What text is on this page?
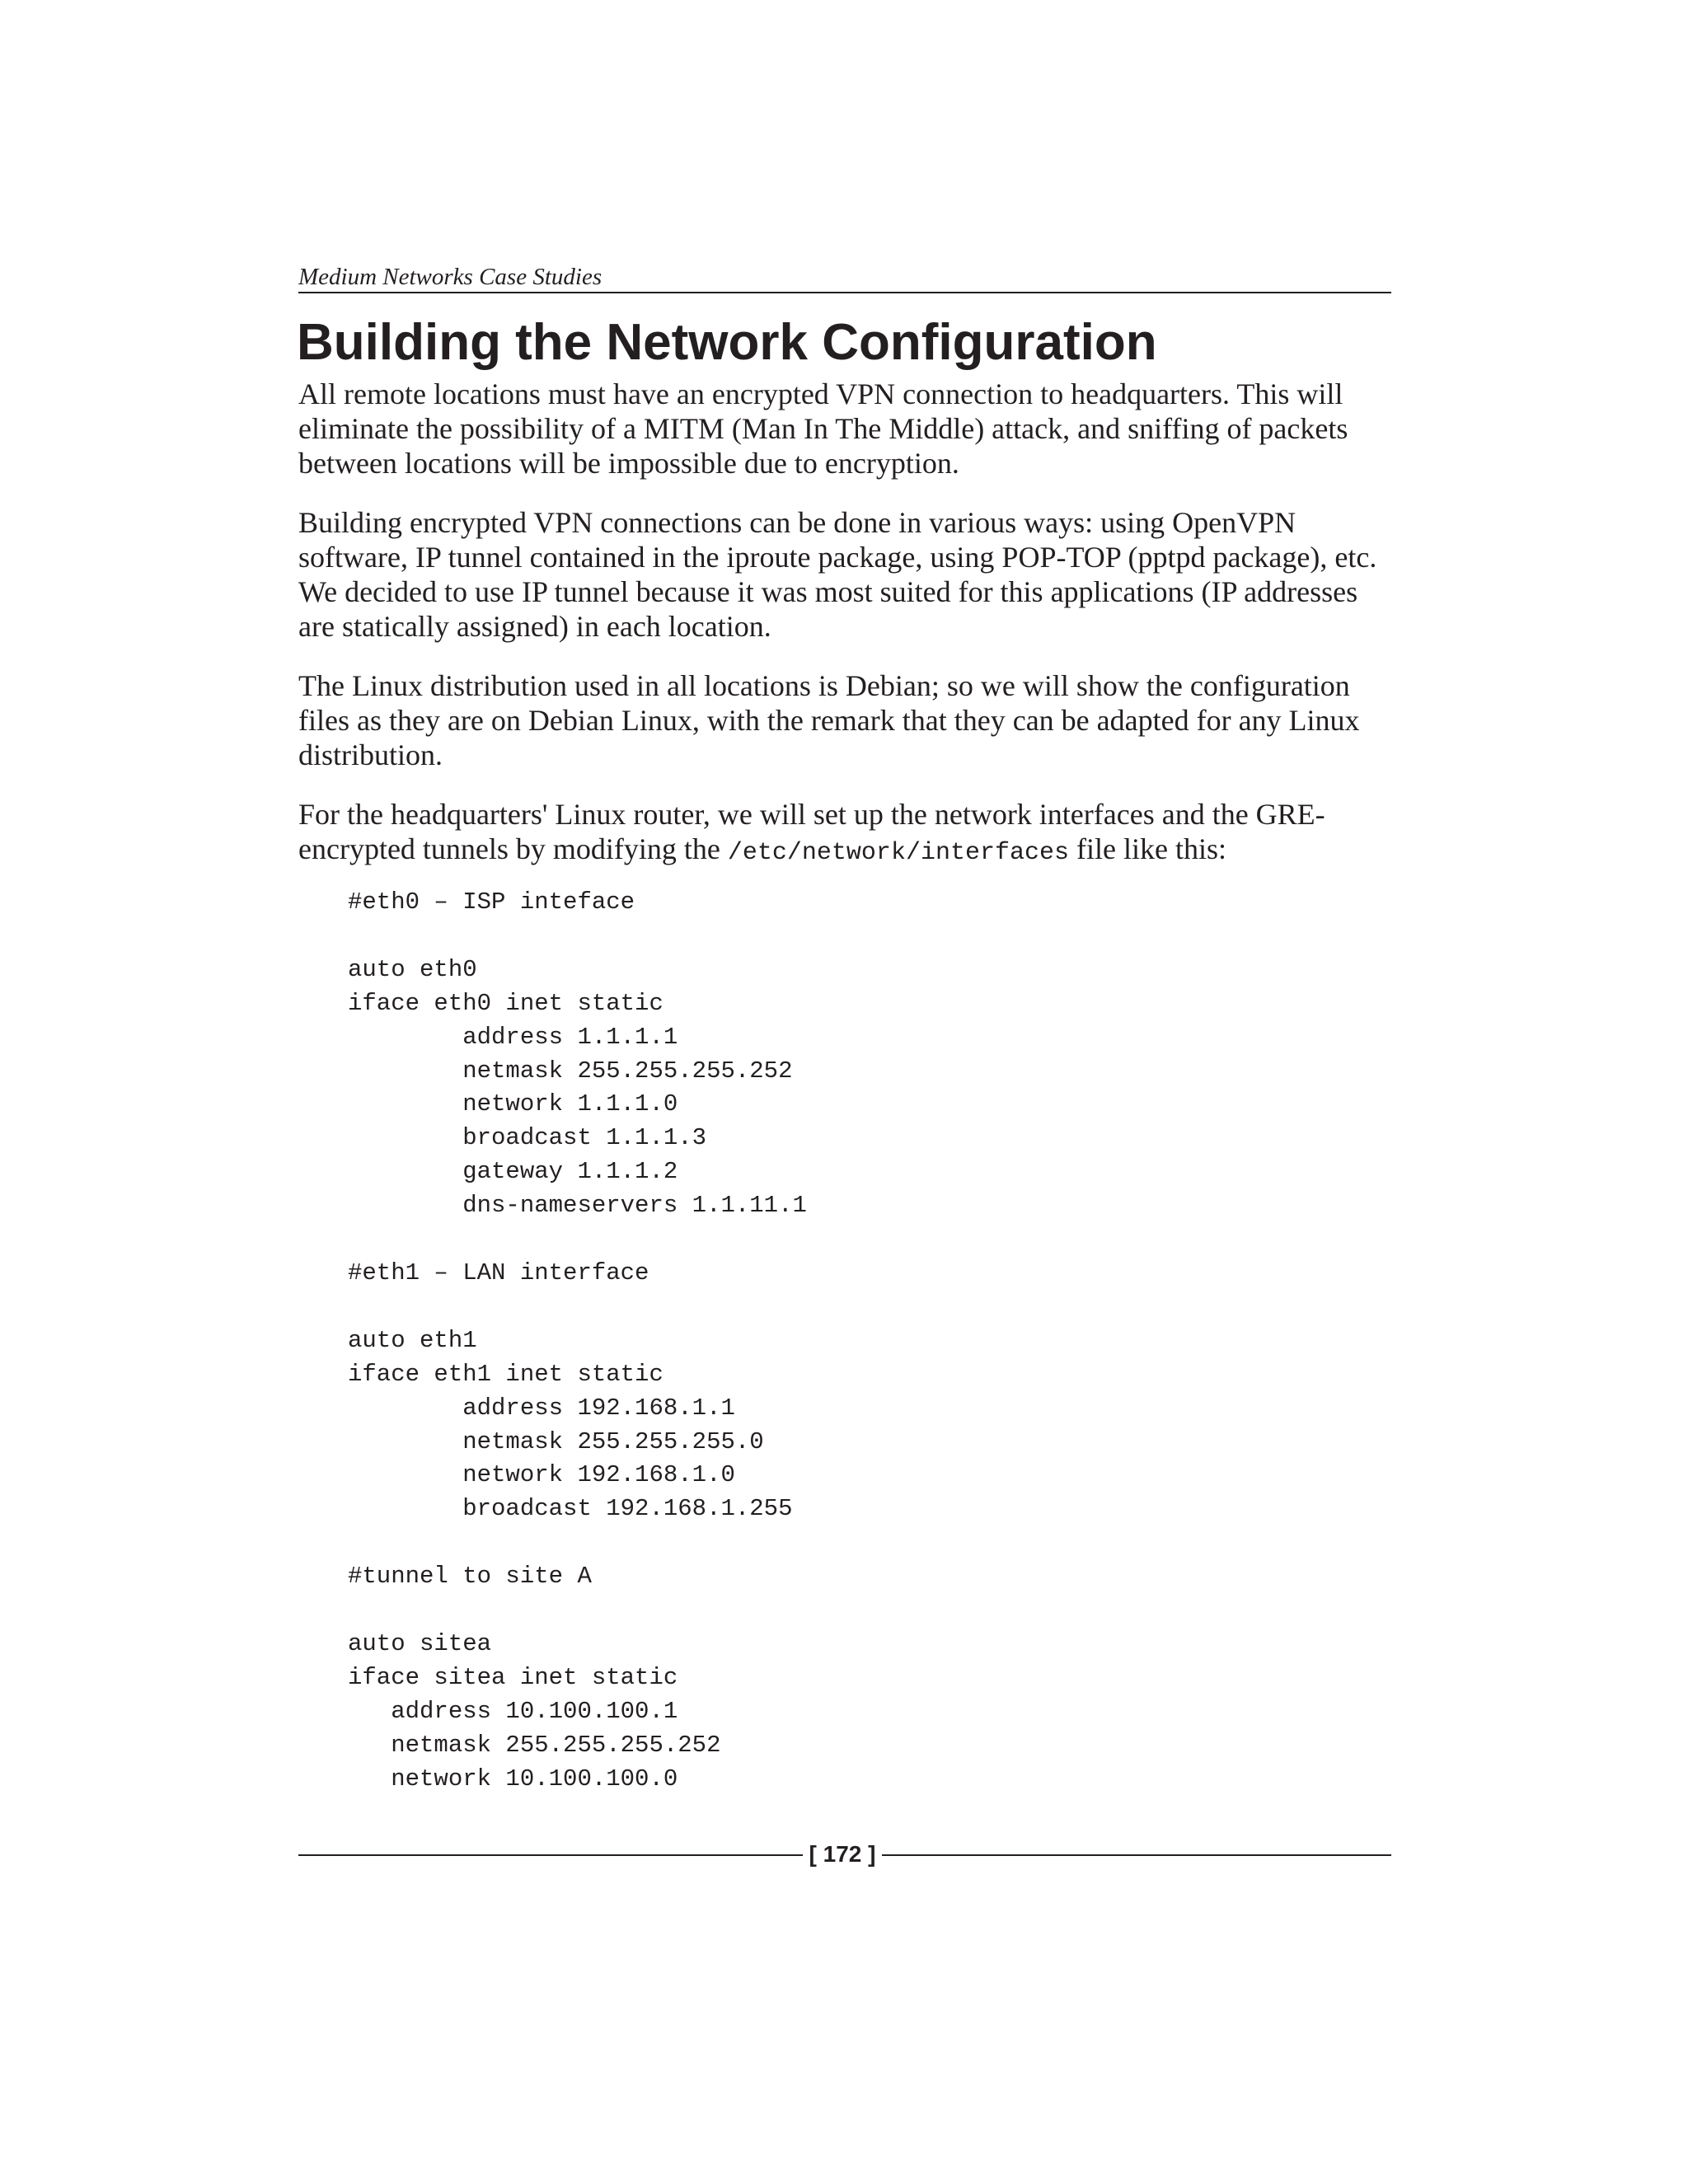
Medium Networks Case Studies
Building the Network Configuration

All remote locations must have an encrypted VPN connection to headquarters. This will eliminate the possibility of a MITM (Man In The Middle) attack, and sniffing of packets between locations will be impossible due to encryption.

Building encrypted VPN connections can be done in various ways: using OpenVPN software, IP tunnel contained in the iproute package, using POP-TOP (pptpd package), etc. We decided to use IP tunnel because it was most suited for this applications (IP addresses are statically assigned) in each location.

The Linux distribution used in all locations is Debian; so we will show the configuration files as they are on Debian Linux, with the remark that they can be adapted for any Linux distribution.

For the headquarters' Linux router, we will set up the network interfaces and the GRE-encrypted tunnels by modifying the /etc/network/interfaces file like this:

#eth0 – ISP inteface

auto eth0
iface eth0 inet static
address 1.1.1.1
netmask 255.255.255.252
network 1.1.1.0
broadcast 1.1.1.3
gateway 1.1.1.2
dns-nameservers 1.1.11.1

#eth1 – LAN interface

auto eth1
iface eth1 inet static
address 192.168.1.1
netmask 255.255.255.0
network 192.168.1.0
broadcast 192.168.1.255

#tunnel to site A

auto sitea
iface sitea inet static
address 10.100.100.1
netmask 255.255.255.252
network 10.100.100.0
[ 172 ]
